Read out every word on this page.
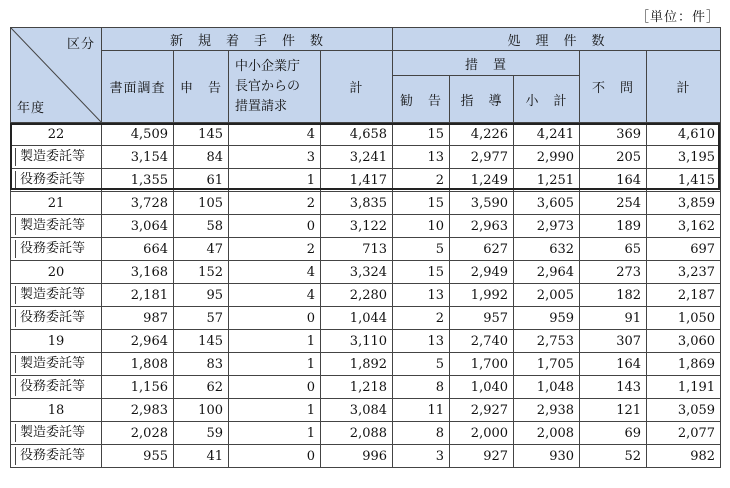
［単位：件］
区分
年度	新　規　着　手　件　数				処　理　件　数				
	書面調査	申　告	中小企業庁
長官からの
措置請求	計	措　置			不　問	計
					勧　告	指　導	小　計		
22	4,509	145	4	4,658	15	4,226	4,241	369	4,610
製造委託等	3,154	84	3	3,241	13	2,977	2,990	205	3,195
役務委託等	1,355	61	1	1,417	2	1,249	1,251	164	1,415
21	3,728	105	2	3,835	15	3,590	3,605	254	3,859
製造委託等	3,064	58	0	3,122	10	2,963	2,973	189	3,162
役務委託等	664	47	2	713	5	627	632	65	697
20	3,168	152	4	3,324	15	2,949	2,964	273	3,237
製造委託等	2,181	95	4	2,280	13	1,992	2,005	182	2,187
役務委託等	987	57	0	1,044	2	957	959	91	1,050
19	2,964	145	1	3,110	13	2,740	2,753	307	3,060
製造委託等	1,808	83	1	1,892	5	1,700	1,705	164	1,869
役務委託等	1,156	62	0	1,218	8	1,040	1,048	143	1,191
18	2,983	100	1	3,084	11	2,927	2,938	121	3,059
製造委託等	2,028	59	1	2,088	8	2,000	2,008	69	2,077
役務委託等	955	41	0	996	3	927	930	52	982
